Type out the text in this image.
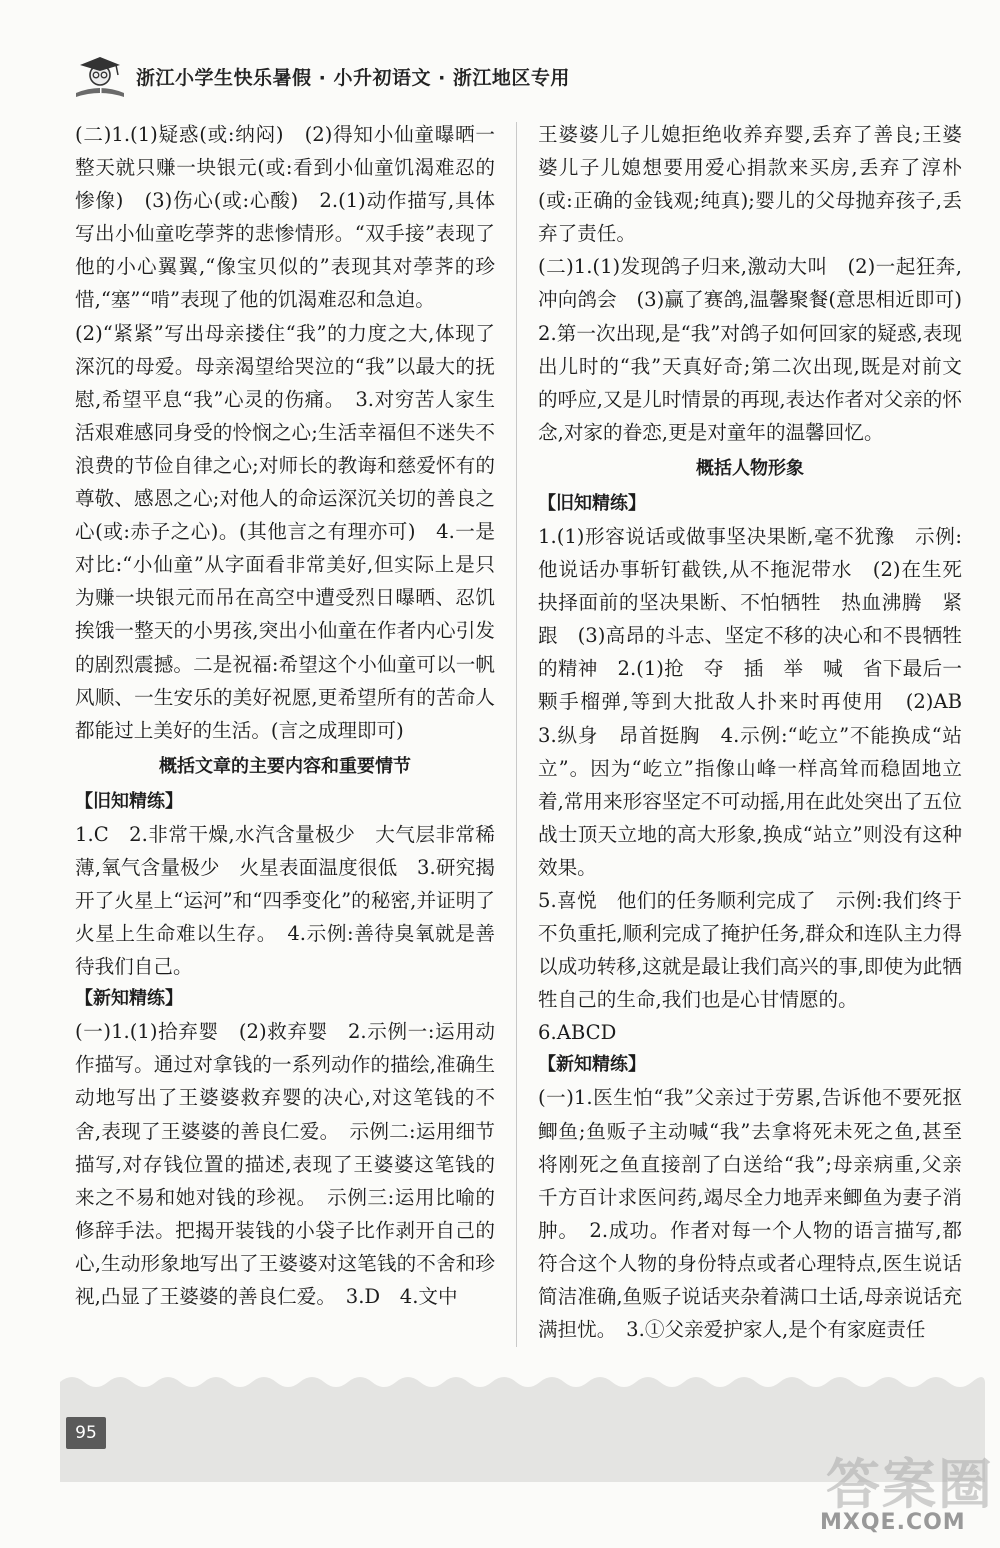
浙江小学生快乐暑假 · 小升初语文 · 浙江地区专用

(二)1.(1)疑惑(或:纳闷)　(2)得知小仙童曝晒一整天就只赚一块银元(或:看到小仙童饥渴难忍的惨像)　(3)伤心(或:心酸)　2.(1)动作描写,具体写出小仙童吃荸荠的悲惨情形。“双手接”表现了他的小心翼翼,“像宝贝似的”表现其对荸荠的珍惜,“塞”“啃”表现了他的饥渴难忍和急迫。

(2)“紧紧”写出母亲搂住“我”的力度之大,体现了深沉的母爱。母亲渴望给哭泣的“我”以最大的抚慰,希望平息“我”心灵的伤痛。　3.对穷苦人家生活艰难感同身受的怜悯之心;生活幸福但不迷失不浪费的节俭自律之心;对师长的教诲和慈爱怀有的尊敬、感恩之心;对他人的命运深沉关切的善良之心(或:赤子之心)。(其他言之有理亦可)　4.一是对比:“小仙童”从字面看非常美好,但实际上是只为赚一块银元而吊在高空中遭受烈日曝晒、忍饥挨饿一整天的小男孩,突出小仙童在作者内心引发的剧烈震撼。二是祝福:希望这个小仙童可以一帆风顺、一生安乐的美好祝愿,更希望所有的苦命人都能过上美好的生活。(言之成理即可)

概括文章的主要内容和重要情节
【旧知精练】

1.C　2.非常干燥,水汽含量极少　大气层非常稀薄,氧气含量极少　火星表面温度很低　3.研究揭开了火星上“运河”和“四季变化”的秘密,并证明了火星上生命难以生存。　4.示例:善待臭氧就是善待我们自己。

【新知精练】

(一)1.(1)拾弃婴　(2)救弃婴　2.示例一:运用动作描写。通过对拿钱的一系列动作的描绘,准确生动地写出了王婆婆救弃婴的决心,对这笔钱的不舍,表现了王婆婆的善良仁爱。　示例二:运用细节描写,对存钱位置的描述,表现了王婆婆这笔钱的来之不易和她对钱的珍视。　示例三:运用比喻的修辞手法。把揭开装钱的小袋子比作剥开自己的心,生动形象地写出了王婆婆对这笔钱的不舍和珍视,凸显了王婆婆的善良仁爱。　3.D　4.文中

王婆婆儿子儿媳拒绝收养弃婴,丢弃了善良;王婆婆儿子儿媳想要用爱心捐款来买房,丢弃了淳朴(或:正确的金钱观;纯真);婴儿的父母抛弃孩子,丢弃了责任。

(二)1.(1)发现鸽子归来,激动大叫　(2)一起狂奔,冲向鸽会　(3)赢了赛鸽,温馨聚餐(意思相近即可)　2.第一次出现,是“我”对鸽子如何回家的疑惑,表现出儿时的“我”天真好奇;第二次出现,既是对前文的呼应,又是儿时情景的再现,表达作者对父亲的怀念,对家的眷恋,更是对童年的温馨回忆。

概括人物形象
【旧知精练】

1.(1)形容说话或做事坚决果断,毫不犹豫　示例:他说话办事斩钉截铁,从不拖泥带水　(2)在生死抉择面前的坚决果断、不怕牺牲　热血沸腾　紧跟　(3)高昂的斗志、坚定不移的决心和不畏牺牲的精神　2.(1)抢　夺　插　举　喊　省下最后一颗手榴弹,等到大批敌人扑来时再使用　(2)AB　3.纵身　昂首挺胸　4.示例:“屹立”不能换成“站立”。因为“屹立”指像山峰一样高耸而稳固地立着,常用来形容坚定不可动摇,用在此处突出了五位战士顶天立地的高大形象,换成“站立”则没有这种效果。

5.喜悦　他们的任务顺利完成了　示例:我们终于不负重托,顺利完成了掩护任务,群众和连队主力得以成功转移,这就是最让我们高兴的事,即使为此牺牲自己的生命,我们也是心甘情愿的。

6.ABCD

【新知精练】

(一)1.医生怕“我”父亲过于劳累,告诉他不要死抠鲫鱼;鱼贩子主动喊“我”去拿将死未死之鱼,甚至将刚死之鱼直接剖了白送给“我”;母亲病重,父亲千方百计求医问药,竭尽全力地弄来鲫鱼为妻子消肿。　2.成功。作者对每一个人物的语言描写,都符合这个人物的身份特点或者心理特点,医生说话简洁准确,鱼贩子说话夹杂着满口土话,母亲说话充满担忧。　3.①父亲爱护家人,是个有家庭责任

95
答案圈
MXQE.COM
